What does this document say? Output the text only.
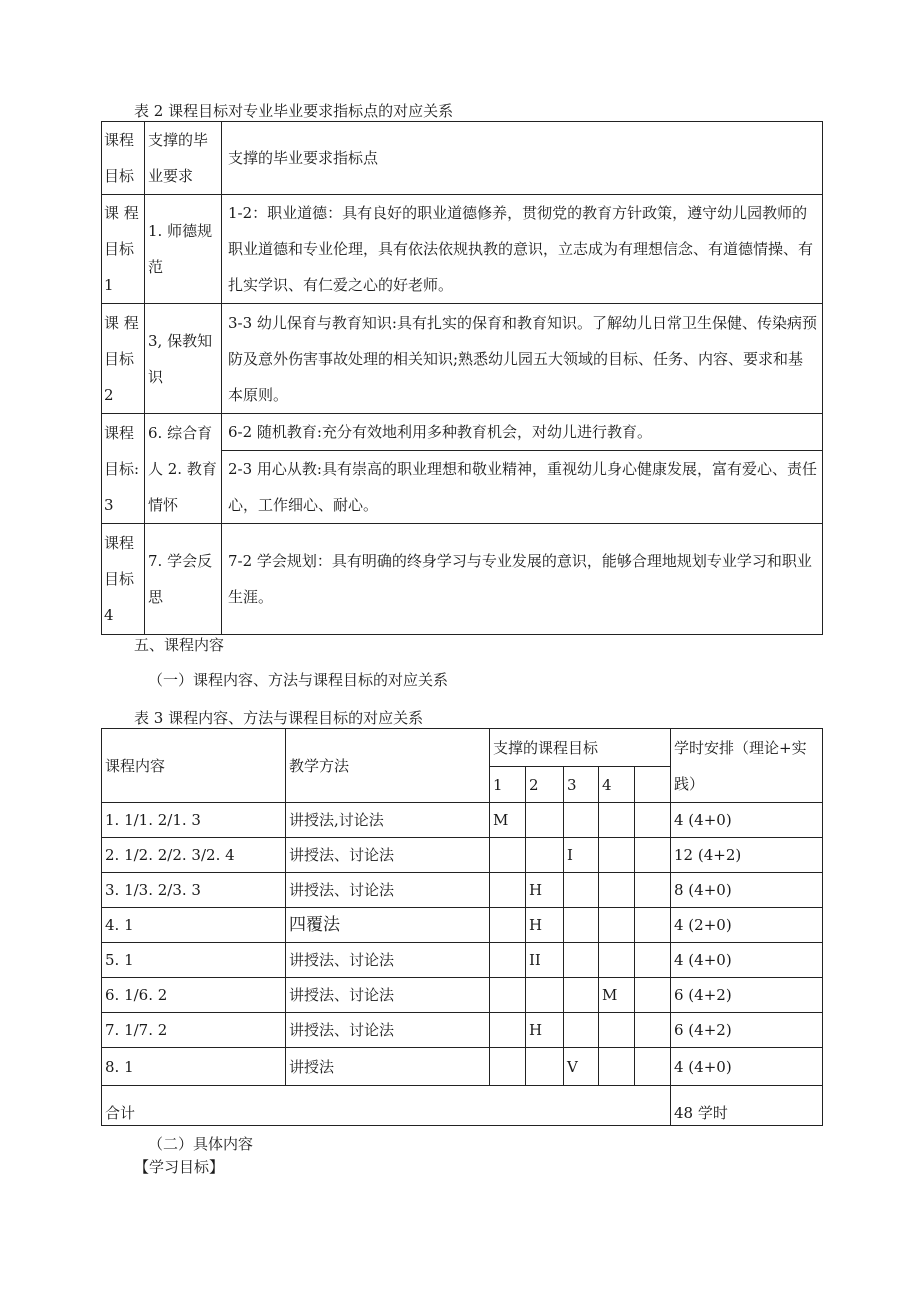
表 2 课程目标对专业毕业要求指标点的对应关系
课程目标	支撑的毕业要求	支撑的毕业要求指标点
课 程目标 1	1. 师德规范	1-2：职业道德：具有良好的职业道德修养，贯彻党的教育方针政策，遵守幼儿园教师的职业道德和专业伦理，具有依法依规执教的意识，立志成为有理想信念、有道德情操、有扎实学识、有仁爱之心的好老师。
课 程目标 2	3, 保教知识	3-3 幼儿保育与教育知识:具有扎实的保育和教育知识。了解幼儿日常卫生保健、传染病预防及意外伤害事故处理的相关知识;熟悉幼儿园五大领域的目标、任务、内容、要求和基本原则。
课程目标: 3	6. 综合育人 2. 教育情怀	6-2 随机教育:充分有效地利用多种教育机会，对幼儿进行教育。
		2-3 用心从教:具有崇高的职业理想和敬业精神，重视幼儿身心健康发展，富有爱心、责任心，工作细心、耐心。
课程目标 4	7. 学会反思	7-2 学会规划：具有明确的终身学习与专业发展的意识，能够合理地规划专业学习和职业生涯。
五、课程内容
（一）课程内容、方法与课程目标的对应关系
表 3 课程内容、方法与课程目标的对应关系
课程内容	教学方法	支撑的课程目标					学时安排（理论+实践）
		1	2	3	4		
1. 1/1. 2/1. 3	讲授法,讨论法	M					4 (4+0)
2. 1/2. 2/2. 3/2. 4	讲授法、讨论法			I			12 (4+2)
3. 1/3. 2/3. 3	讲授法、讨论法		H				8 (4+0)
4. 1	四覆法		H				4 (2+0)
5. 1	讲授法、讨论法		II				4 (4+0)
6. 1/6. 2	讲授法、讨论法				M		6 (4+2)
7. 1/7. 2	讲授法、讨论法		H				6 (4+2)
8. 1	讲授法			V			4 (4+0)
合计							48 学时
（二）具体内容
【学习目标】
